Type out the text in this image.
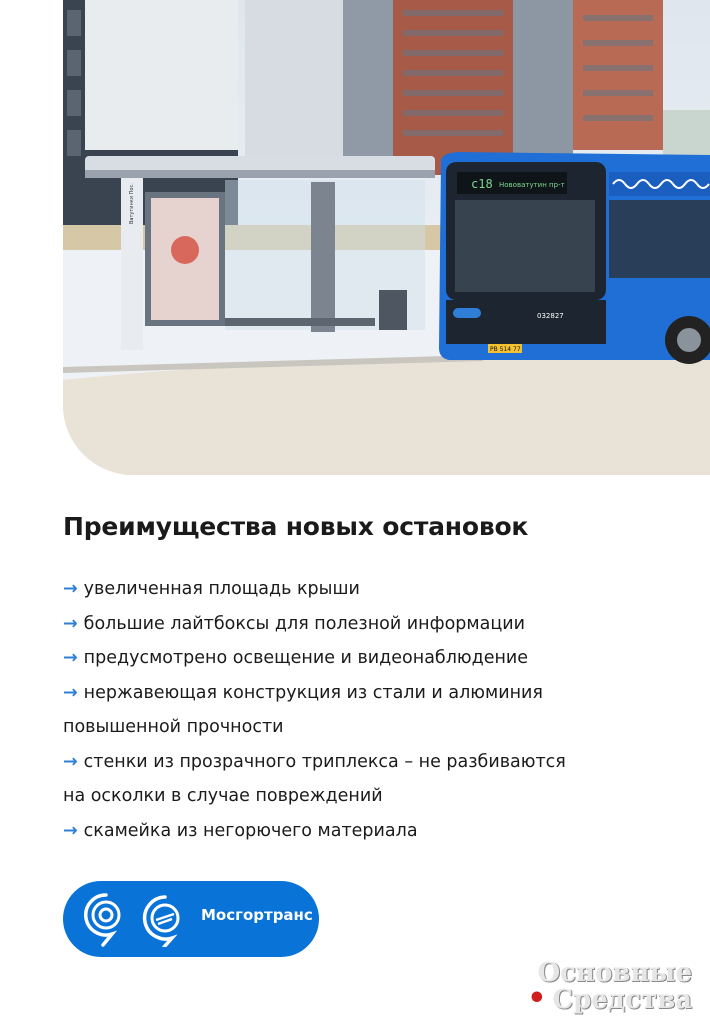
c18 Нововатутин пр-т
032827
РВ 514 77
Ватутинки Пос.
Преимущества новых остановок

→ увеличенная площадь крыши

→ большие лайтбоксы для полезной информации

→ предусмотрено освещение и видеонаблюдение

→ нержавеющая конструкция из стали и алюминия
повышенной прочности

→ стенки из прозрачного триплекса – не разбиваются
на осколки в случае повреждений

→ скамейка из негорючего материала

Мосгортранс
Основные
• Средства
